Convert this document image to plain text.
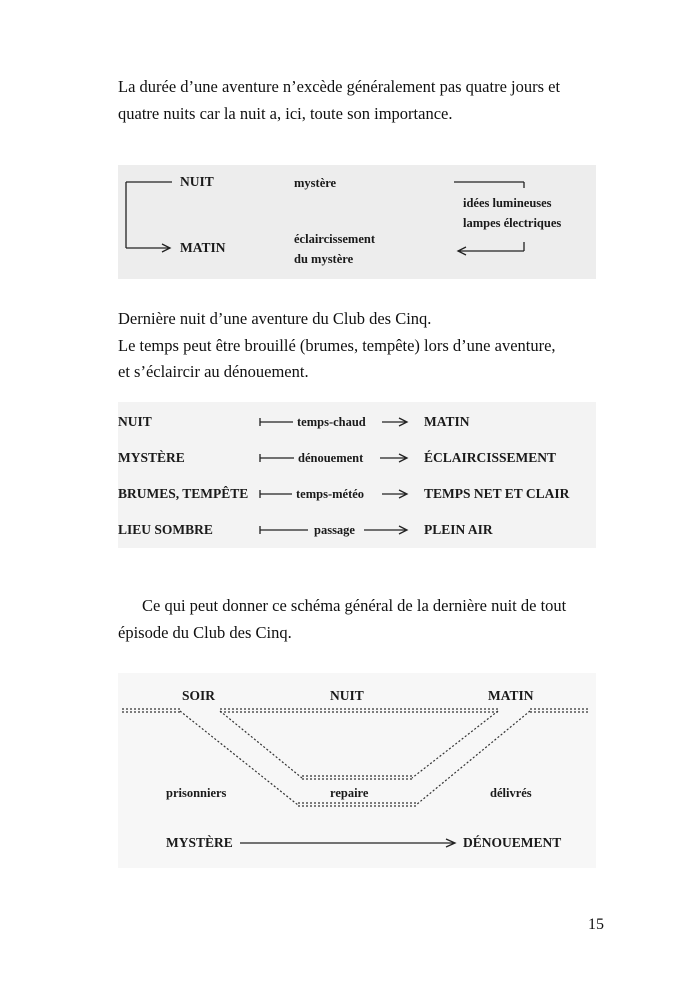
La durée d’une aventure n’excède généralement pas quatre jours et
quatre nuits car la nuit a, ici, toute son importance.
NUIT
MATIN
mystère
éclaircissement
du mystère
idées lumineuses
lampes électriques
Dernière nuit d’une aventure du Club des Cinq.
Le temps peut être brouillé (brumes, tempête) lors d’une aventure,
et s’éclaircir au dénouement.
NUIT	temps-chaud	MATIN
MYSTÈRE	dénouement	ÉCLAIRCISSEMENT
BRUMES, TEMPÊTE	temps-météo	TEMPS NET ET CLAIR
LIEU SOMBRE	passage	PLEIN AIR
Ce qui peut donner ce schéma général de la dernière nuit de tout
épisode du Club des Cinq.
SOIR	NUIT	MATIN
prisonniers	repaire	délivrés
MYSTÈRE	DÉNOUEMENT
15
